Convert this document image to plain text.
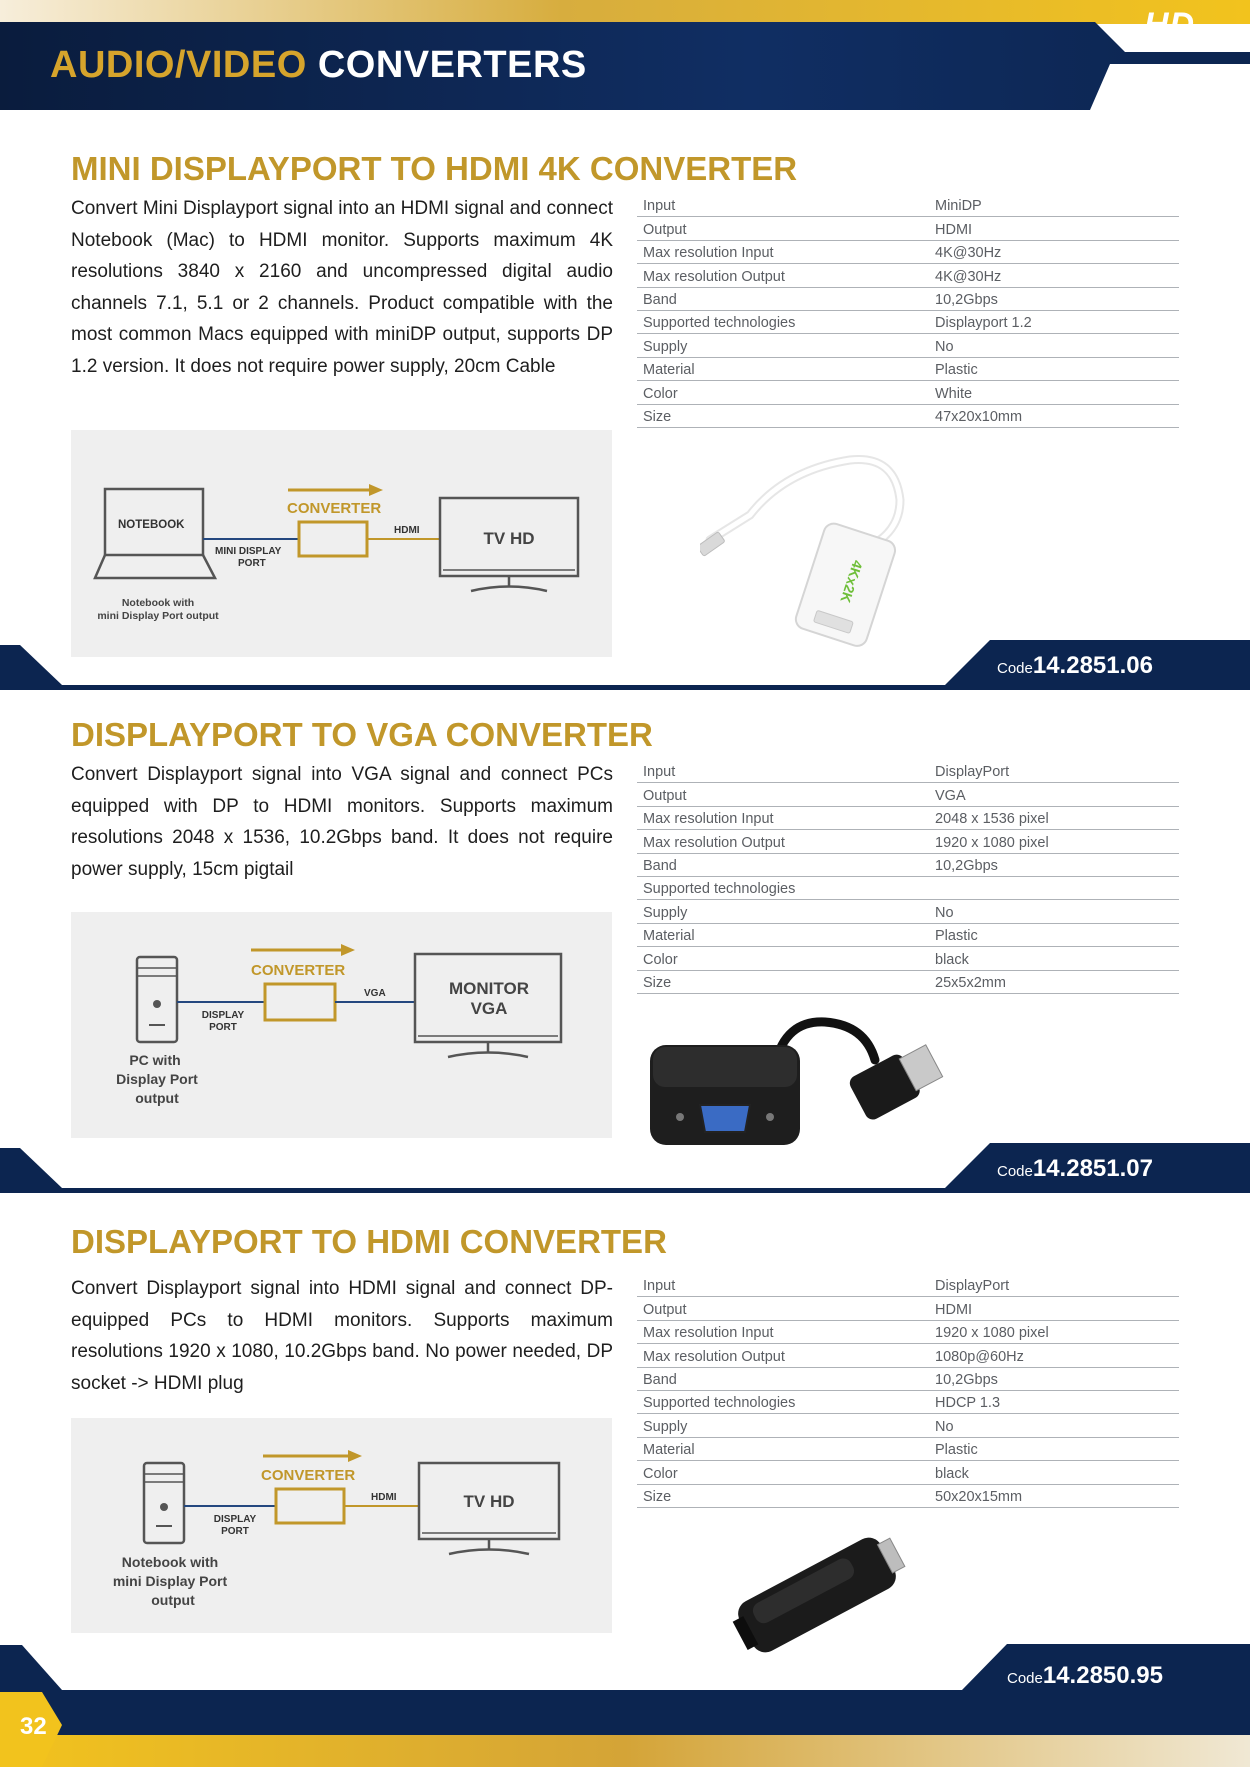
AUDIO/VIDEO CONVERTERS
HD
MINI DISPLAYPORT TO HDMI 4K CONVERTER

Convert Mini Displayport signal into an HDMI signal and connect Notebook (Mac) to HDMI monitor. Supports maximum 4K resolutions 3840 x 2160 and uncompressed digital audio channels 7.1, 5.1 or 2 channels. Product compatible with the most common Macs equipped with miniDP output, supports DP 1.2 version. It does not require power supply, 20cm Cable

Input	MiniDP
Output	HDMI
Max resolution Input	4K@30Hz
Max resolution Output	4K@30Hz
Band	10,2Gbps
Supported technologies	Displayport 1.2
Supply	No
Material	Plastic
Color	White
Size	47x20x10mm
NOTEBOOK
MINI DISPLAY
PORT
CONVERTER
HDMI	TV HD
Notebook with
mini Display Port output
4Kx2K
Code14.2851.06
DISPLAYPORT TO VGA CONVERTER

Convert Displayport signal into VGA signal and connect PCs equipped with DP to HDMI monitors. Supports maximum resolutions 2048 x 1536, 10.2Gbps band. It does not require power supply, 15cm pigtail

Input	DisplayPort
Output	VGA
Max resolution Input	2048 x 1536 pixel
Max resolution Output	1920 x 1080 pixel
Band	10,2Gbps
Supported technologies
Supply	No
Material	Plastic
Color	black
Size	25x5x2mm
DISPLAY
PORT
CONVERTER
VGA	MONITOR
VGA
PC with
Display Port
output
Code14.2851.07
DISPLAYPORT TO HDMI CONVERTER

Convert Displayport signal into HDMI signal and connect DP-equipped PCs to HDMI monitors. Supports maximum resolutions 1920 x 1080, 10.2Gbps band. No power needed, DP socket -> HDMI plug

Input	DisplayPort
Output	HDMI
Max resolution Input	1920 x 1080 pixel
Max resolution Output	1080p@60Hz
Band	10,2Gbps
Supported technologies	HDCP 1.3
Supply	No
Material	Plastic
Color	black
Size	50x20x15mm
DISPLAY
PORT
CONVERTER
HDMI	TV HD
Notebook with
mini Display Port
output
Code14.2850.95
32
